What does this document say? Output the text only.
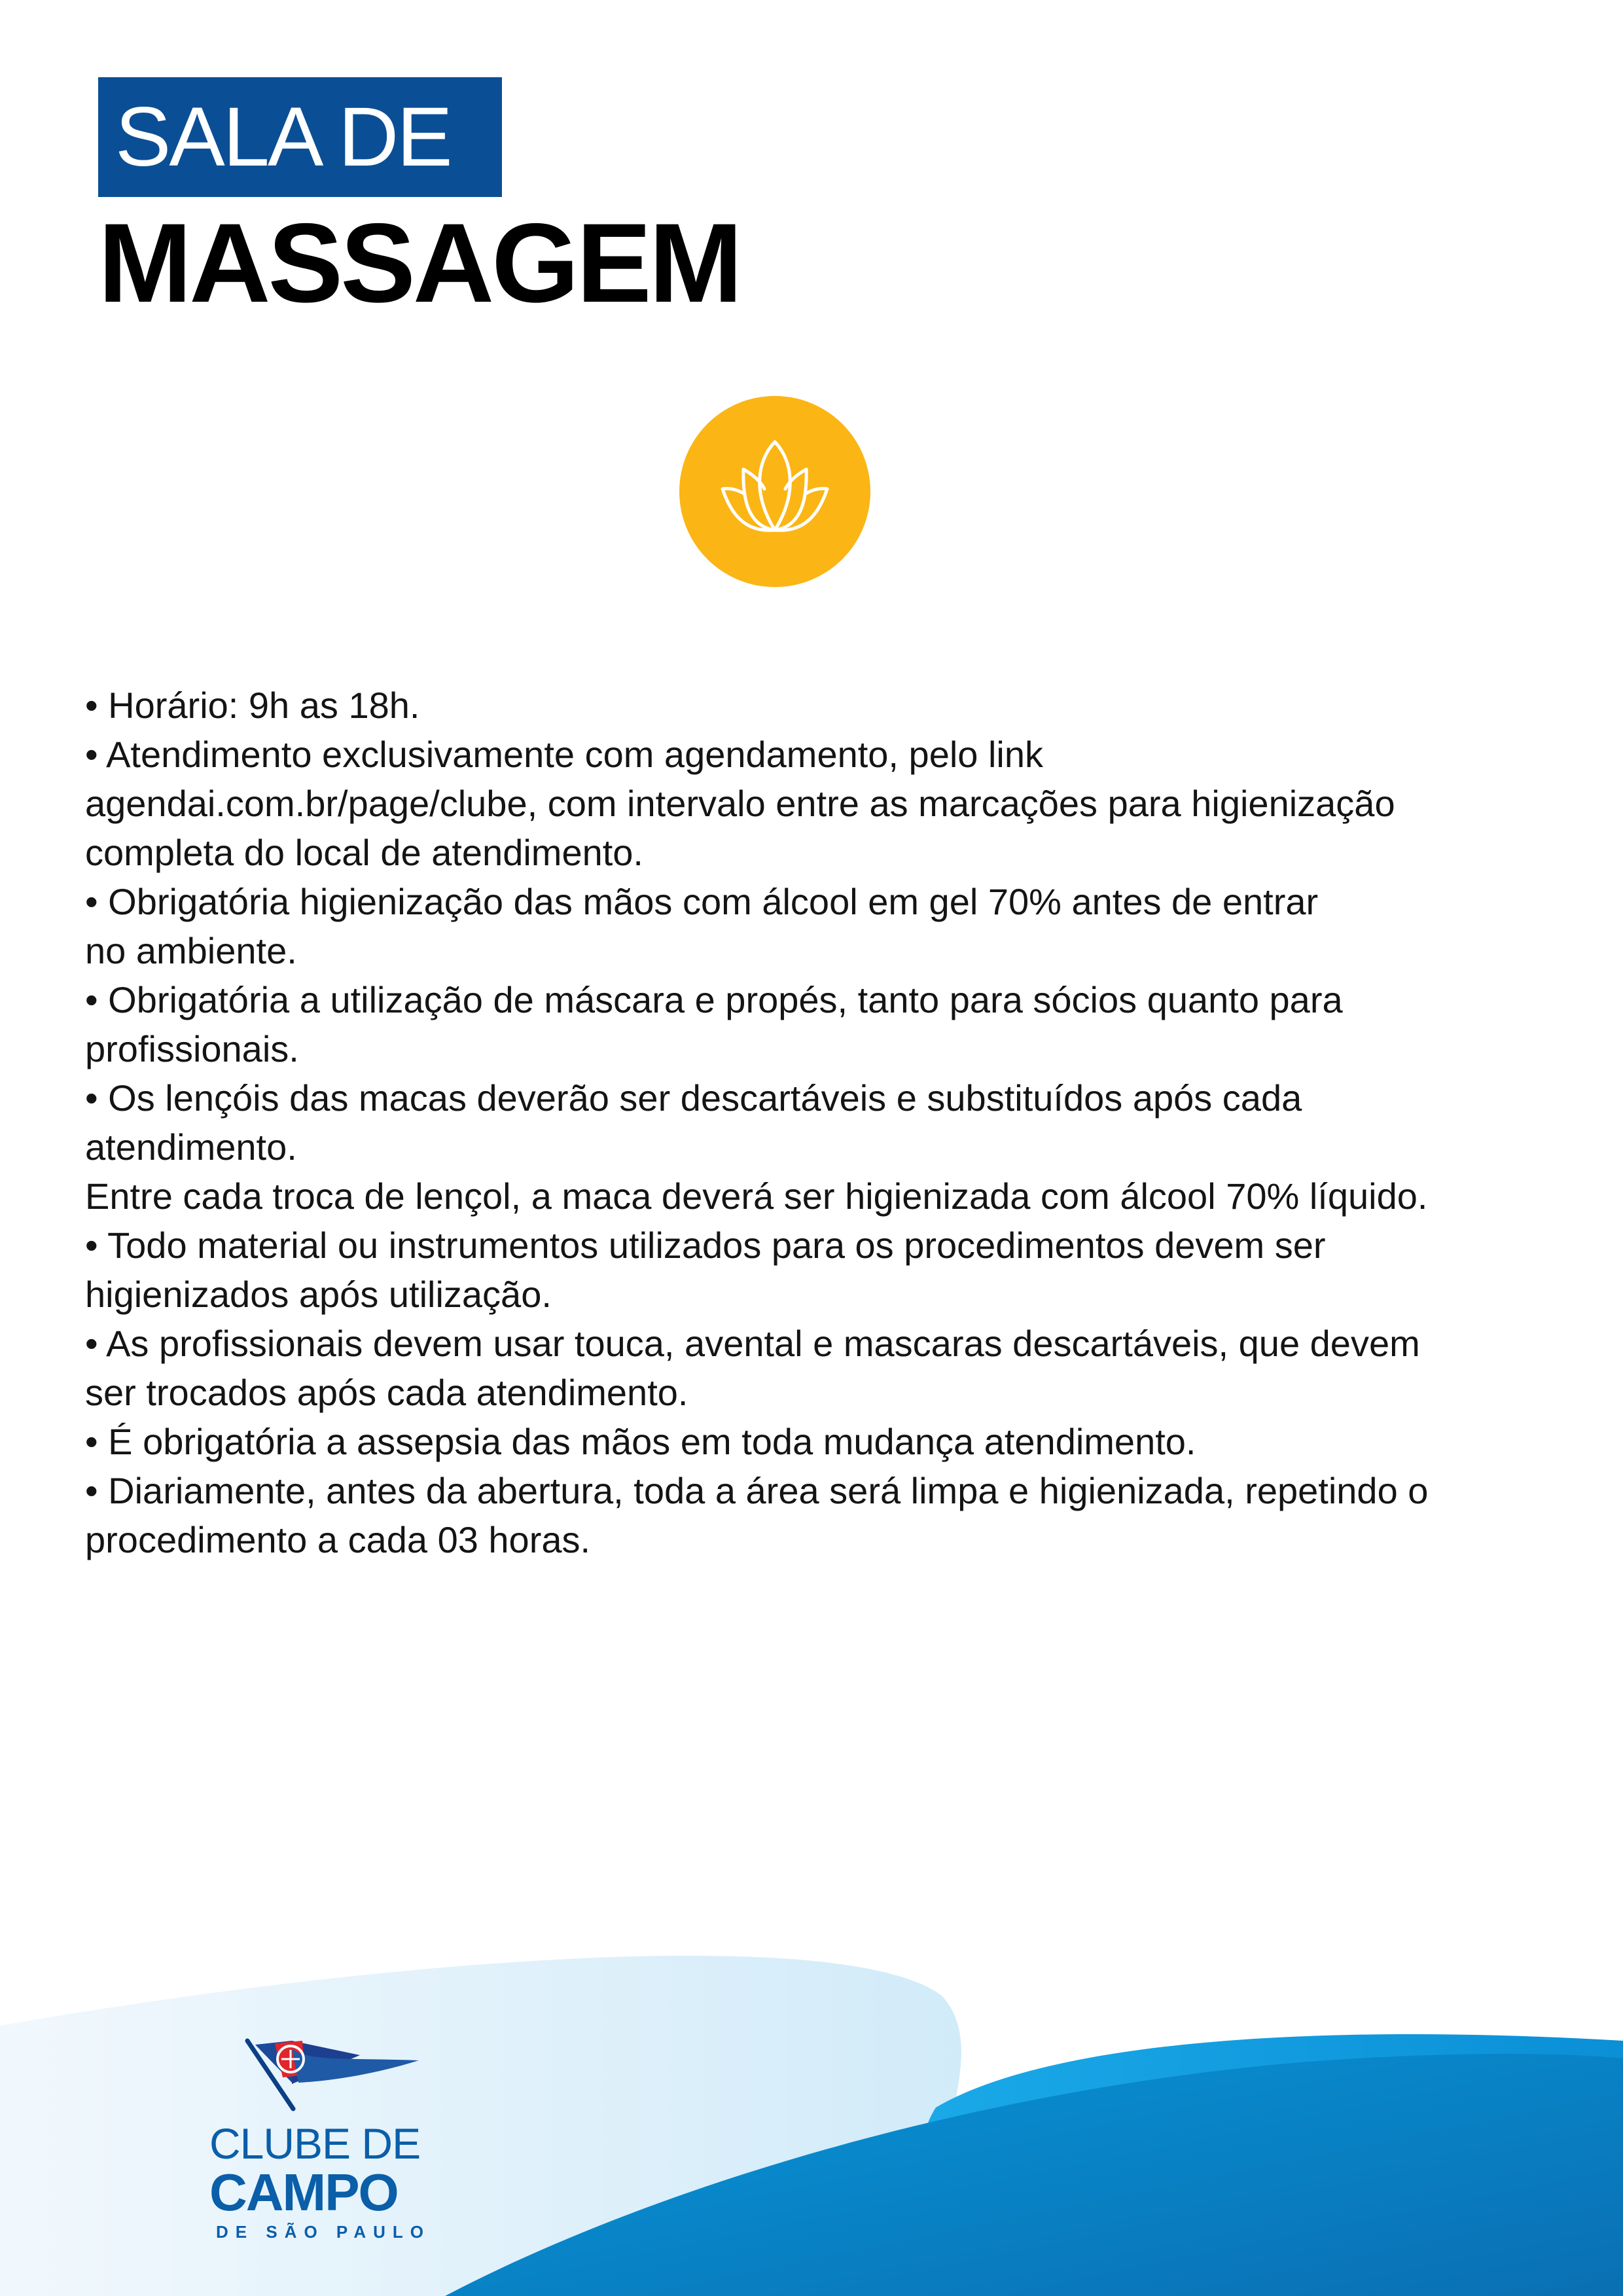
SALA DE
MASSAGEM
• Horário: 9h as 18h.
• Atendimento exclusivamente com agendamento, pelo link
agendai.com.br/page/clube, com intervalo entre as marcações para higienização
completa do local de atendimento.
• Obrigatória higienização das mãos com álcool em gel 70% antes de entrar
no ambiente.
• Obrigatória a utilização de máscara e propés, tanto para sócios quanto para
profissionais.
• Os lençóis das macas deverão ser descartáveis e substituídos após cada
atendimento.
Entre cada troca de lençol, a maca deverá ser higienizada com álcool 70% líquido.
• Todo material ou instrumentos utilizados para os procedimentos devem ser
higienizados após utilização.
• As profissionais devem usar touca, avental e mascaras descartáveis, que devem
ser trocados após cada atendimento.
• É obrigatória a assepsia das mãos em toda mudança atendimento.
• Diariamente, antes da abertura, toda a área será limpa e higienizada, repetindo o
procedimento a cada 03 horas.
CLUBE DE
CAMPO
DE SÃO PAULO
